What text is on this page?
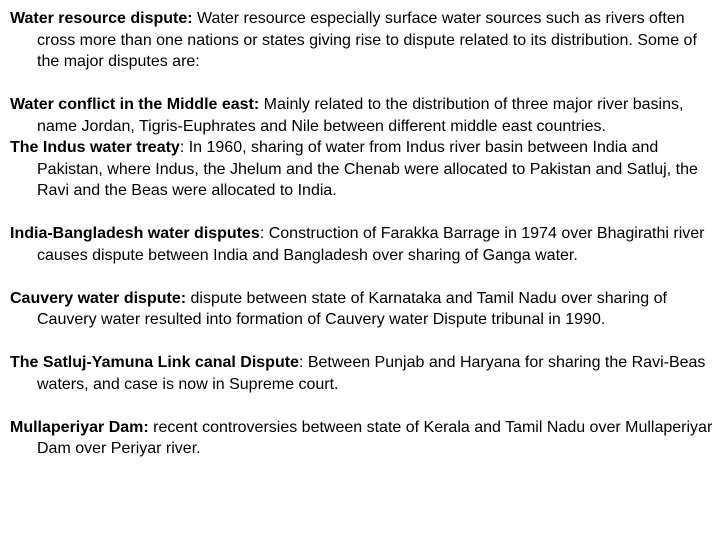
Water resource dispute: Water resource especially surface water sources such as rivers often cross more than one nations or states giving rise to dispute related to its distribution. Some of the major disputes are:

Water conflict in the Middle east: Mainly related to the distribution of three major river basins, name Jordan, Tigris-Euphrates and Nile between different middle east countries.

The Indus water treaty: In 1960, sharing of water from Indus river basin between India and Pakistan, where Indus, the Jhelum and the Chenab were allocated to Pakistan and Satluj, the Ravi and the Beas were allocated to India.

India-Bangladesh water disputes: Construction of Farakka Barrage in 1974 over Bhagirathi river causes dispute between India and Bangladesh over sharing of Ganga water.

Cauvery water dispute: dispute between state of Karnataka and Tamil Nadu over sharing of Cauvery water resulted into formation of Cauvery water Dispute tribunal in 1990.

The Satluj-Yamuna Link canal Dispute: Between Punjab and Haryana for sharing the Ravi-Beas waters, and case is now in Supreme court.

Mullaperiyar Dam: recent controversies between state of Kerala and Tamil Nadu over Mullaperiyar Dam over Periyar river.
